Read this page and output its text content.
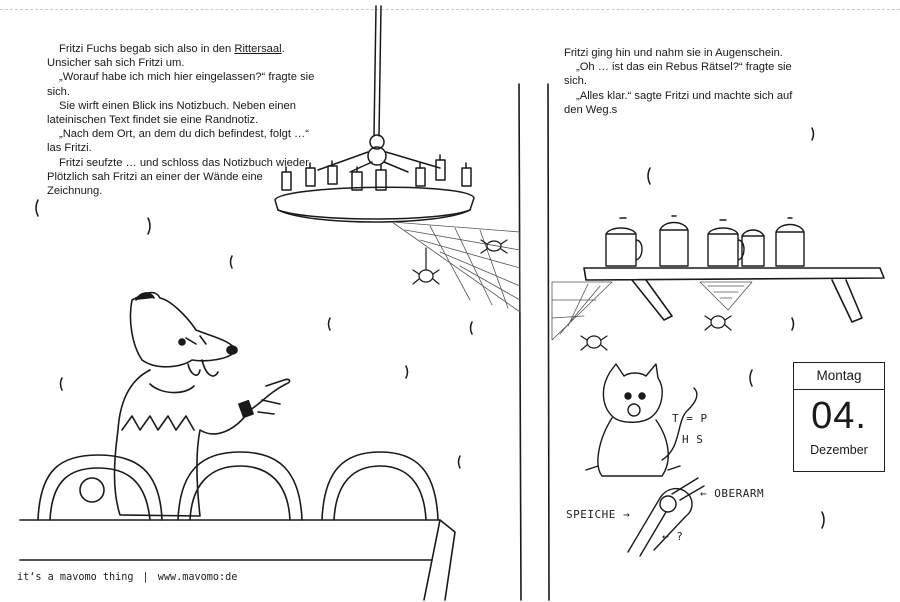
Fritzi Fuchs begab sich also in den Rittersaal. Unsicher sah sich Fritzi um.

„Worauf habe ich mich hier eingelassen?“ fragte sie sich.

Sie wirft einen Blick ins Notizbuch. Neben einen lateinischen Text findet sie eine Randnotiz.

„Nach dem Ort, an dem du dich befindest, folgt …“ las Fritzi.

Fritzi seufzte … und schloss das Notizbuch wieder. Plötzlich sah Fritzi an einer der Wände eine Zeichnung.

Fritzi ging hin und nahm sie in Augenschein.

„Oh … ist das ein Rebus Rätsel?“ fragte sie sich.

„Alles klar.“ sagte Fritzi und machte sich auf den Weg.s

T = P
H S
SPEICHE →
← OBERARM
← ?
Montag
04.
Dezember
it‘s a mavomo thing | www.mavomo:de
